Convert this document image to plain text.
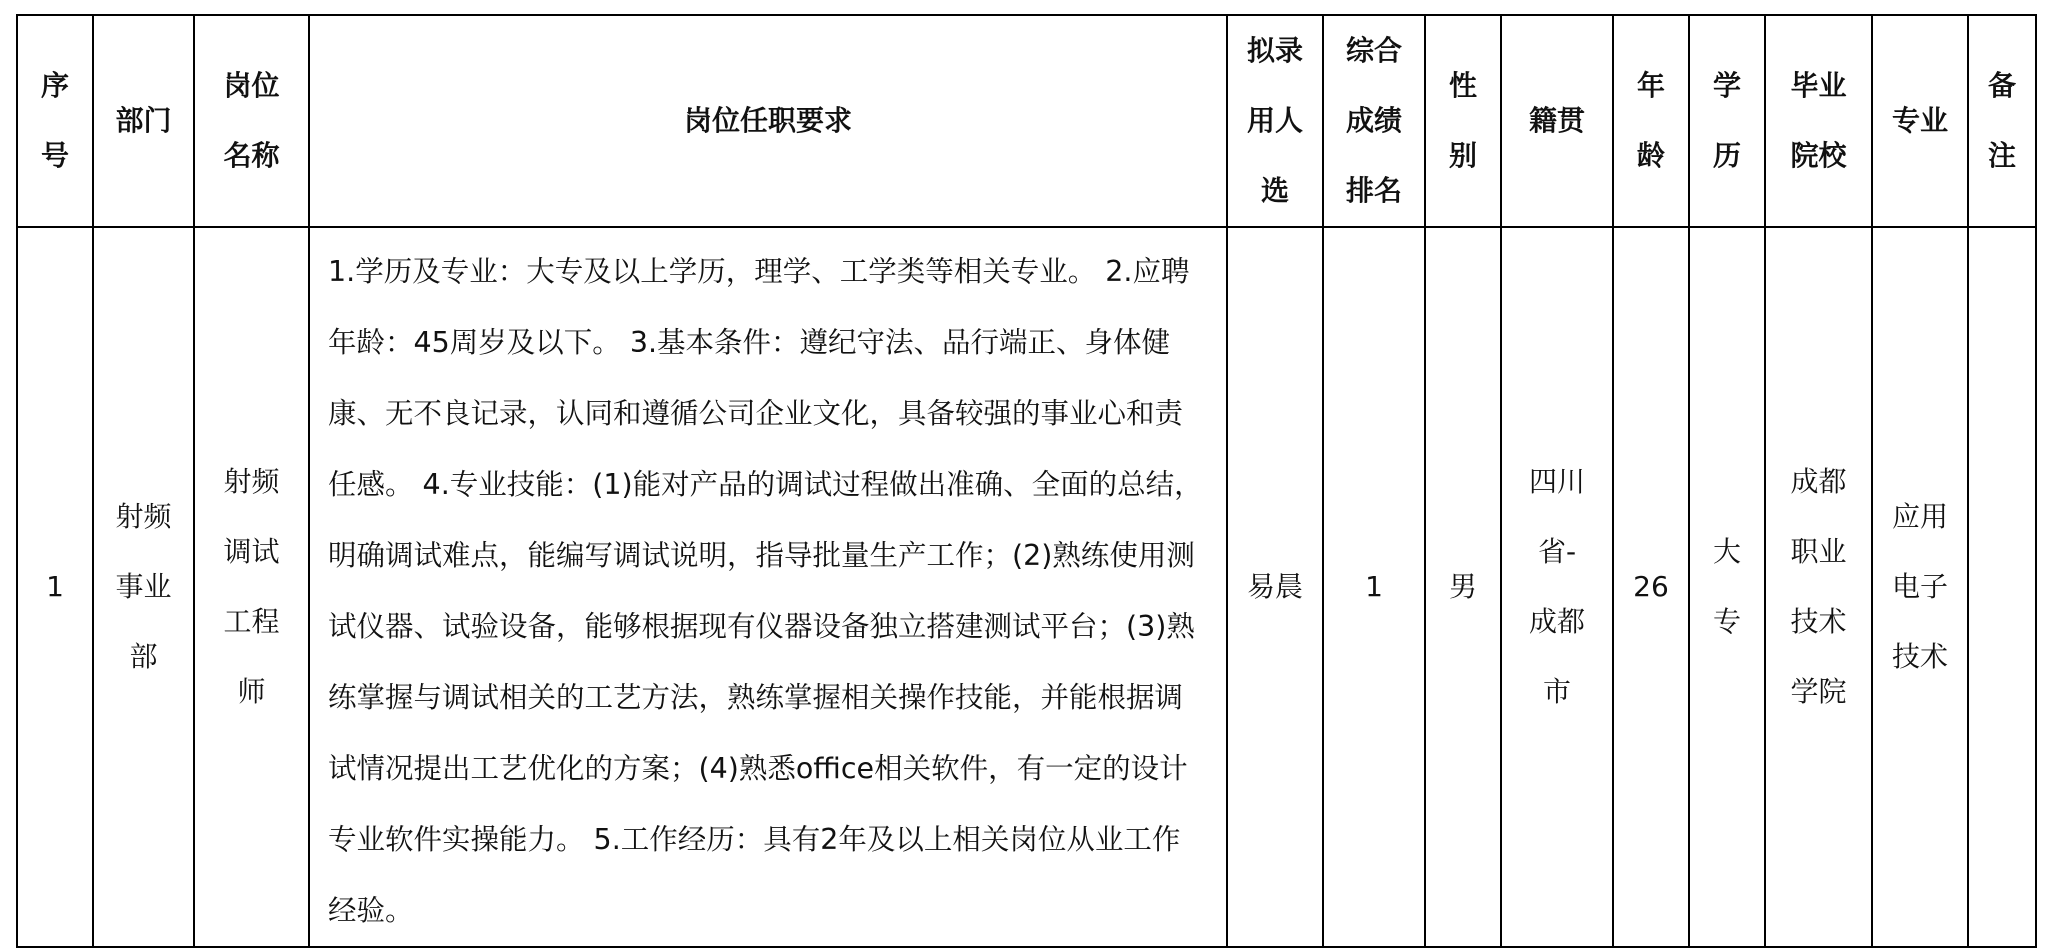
序号	部门	岗位名称	岗位任职要求	拟录用人选	综合成绩排名	性别	籍贯	年龄	学历	毕业院校	专业	备注
1	射频事业部	射频调试工程师	1.学历及专业：大专及以上学历，理学、工学类等相关专业。 2.应聘年龄：45周岁及以下。 3.基本条件：遵纪守法、品行端正、身体健康、无不良记录，认同和遵循公司企业文化，具备较强的事业心和责任感。 4.专业技能：(1)能对产品的调试过程做出准确、全面的总结，明确调试难点，能编写调试说明，指导批量生产工作；(2)熟练使用测试仪器、试验设备，能够根据现有仪器设备独立搭建测试平台；(3)熟练掌握与调试相关的工艺方法，熟练掌握相关操作技能，并能根据调试情况提出工艺优化的方案；(4)熟悉office相关软件，有一定的设计专业软件实操能力。 5.工作经历：具有2年及以上相关岗位从业工作经验。	易晨	1	男	四川省-成都市	26	大专	成都职业技术学院	应用电子技术	
